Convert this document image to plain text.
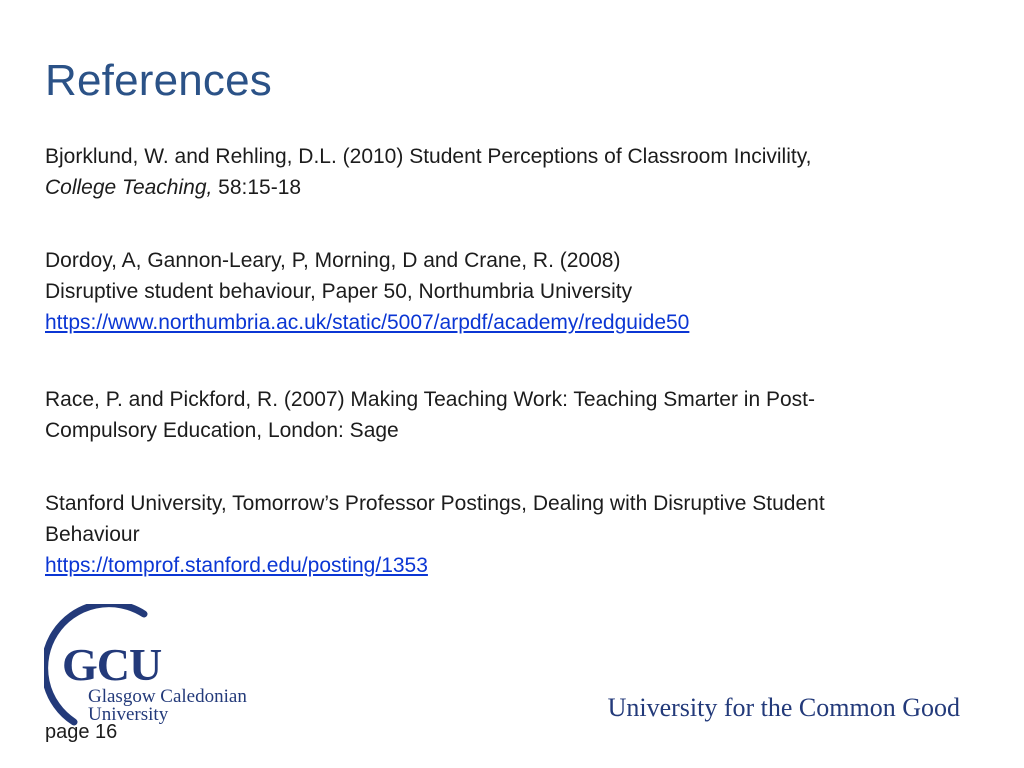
References

Bjorklund, W. and Rehling, D.L. (2010) Student Perceptions of Classroom Incivility,
College Teaching, 58:15-18

Dordoy, A, Gannon-Leary, P, Morning, D and Crane, R. (2008)
Disruptive student behaviour, Paper 50, Northumbria University
https://www.northumbria.ac.uk/static/5007/arpdf/academy/redguide50

Race, P. and Pickford, R. (2007) Making Teaching Work: Teaching Smarter in Post-
Compulsory Education, London: Sage

Stanford University, Tomorrow’s Professor Postings, Dealing with Disruptive Student
Behaviour
https://tomprof.stanford.edu/posting/1353

GCU
Glasgow Caledonian
University
page 16
University for the Common Good
